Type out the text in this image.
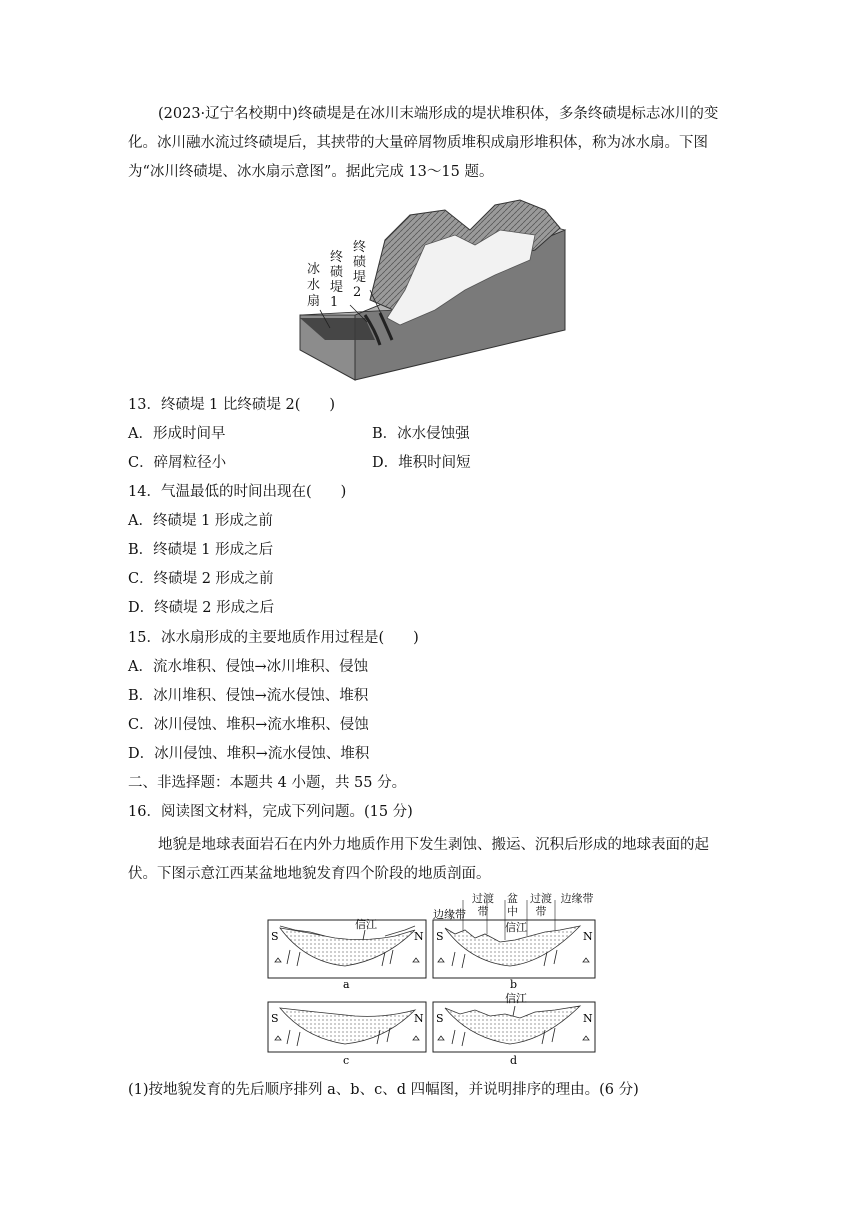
(2023·辽宁名校期中)终碛堤是在冰川末端形成的堤状堆积体，多条终碛堤标志冰川的变
化。冰川融水流过终碛堤后，其挟带的大量碎屑物质堆积成扇形堆积体，称为冰水扇。下图
为“冰川终碛堤、冰水扇示意图”。据此完成 13～15 题。
冰水扇
终碛堤1
终碛堤2
13．终碛堤 1 比终碛堤 2(　　)
A．形成时间早	B．冰水侵蚀强
C．碎屑粒径小	D．堆积时间短
14．气温最低的时间出现在(　　)
A．终碛堤 1 形成之前
B．终碛堤 1 形成之后
C．终碛堤 2 形成之前
D．终碛堤 2 形成之后
15．冰水扇形成的主要地质作用过程是(　　)
A．流水堆积、侵蚀→冰川堆积、侵蚀
B．冰川堆积、侵蚀→流水侵蚀、堆积
C．冰川侵蚀、堆积→流水堆积、侵蚀
D．冰川侵蚀、堆积→流水侵蚀、堆积
二、非选择题：本题共 4 小题，共 55 分。
16．阅读图文材料，完成下列问题。(15 分)
地貌是地球表面岩石在内外力地质作用下发生剥蚀、搬运、沉积后形成的地球表面的起
伏。下图示意江西某盆地地貌发育四个阶段的地质剖面。
S	N
信江
a
S	N
信江
b
边缘带
S	N
c
S	N
信江
d
过渡带
盆中
过渡带
边缘带
(1)按地貌发育的先后顺序排列 a、b、c、d 四幅图，并说明排序的理由。(6 分)
